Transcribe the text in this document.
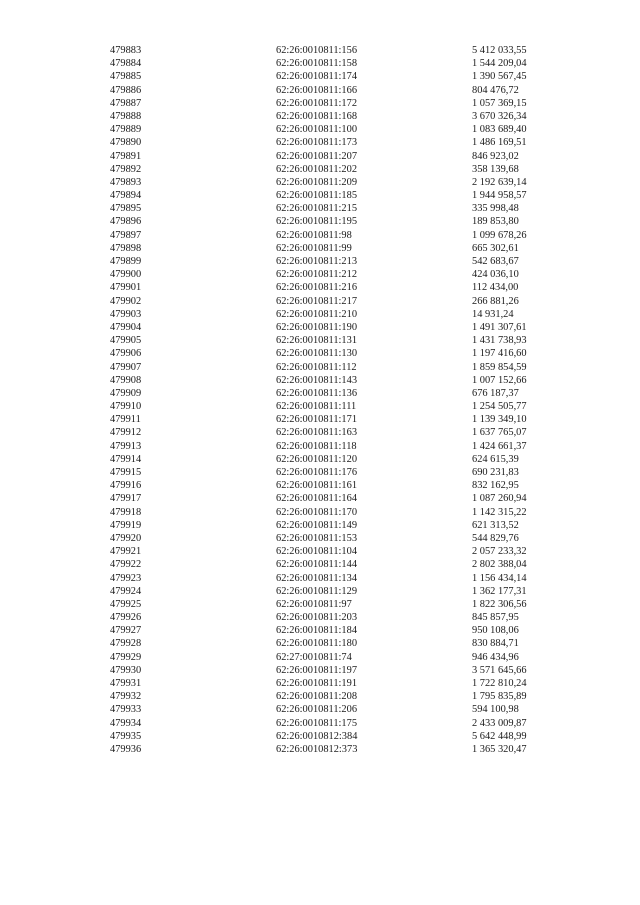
479883	62:26:0010811:156	5 412 033,55
479884	62:26:0010811:158	1 544 209,04
479885	62:26:0010811:174	1 390 567,45
479886	62:26:0010811:166	804 476,72
479887	62:26:0010811:172	1 057 369,15
479888	62:26:0010811:168	3 670 326,34
479889	62:26:0010811:100	1 083 689,40
479890	62:26:0010811:173	1 486 169,51
479891	62:26:0010811:207	846 923,02
479892	62:26:0010811:202	358 139,68
479893	62:26:0010811:209	2 192 639,14
479894	62:26:0010811:185	1 944 958,57
479895	62:26:0010811:215	335 998,48
479896	62:26:0010811:195	189 853,80
479897	62:26:0010811:98	1 099 678,26
479898	62:26:0010811:99	665 302,61
479899	62:26:0010811:213	542 683,67
479900	62:26:0010811:212	424 036,10
479901	62:26:0010811:216	112 434,00
479902	62:26:0010811:217	266 881,26
479903	62:26:0010811:210	14 931,24
479904	62:26:0010811:190	1 491 307,61
479905	62:26:0010811:131	1 431 738,93
479906	62:26:0010811:130	1 197 416,60
479907	62:26:0010811:112	1 859 854,59
479908	62:26:0010811:143	1 007 152,66
479909	62:26:0010811:136	676 187,37
479910	62:26:0010811:111	1 254 505,77
479911	62:26:0010811:171	1 139 349,10
479912	62:26:0010811:163	1 637 765,07
479913	62:26:0010811:118	1 424 661,37
479914	62:26:0010811:120	624 615,39
479915	62:26:0010811:176	690 231,83
479916	62:26:0010811:161	832 162,95
479917	62:26:0010811:164	1 087 260,94
479918	62:26:0010811:170	1 142 315,22
479919	62:26:0010811:149	621 313,52
479920	62:26:0010811:153	544 829,76
479921	62:26:0010811:104	2 057 233,32
479922	62:26:0010811:144	2 802 388,04
479923	62:26:0010811:134	1 156 434,14
479924	62:26:0010811:129	1 362 177,31
479925	62:26:0010811:97	1 822 306,56
479926	62:26:0010811:203	845 857,95
479927	62:26:0010811:184	950 108,06
479928	62:26:0010811:180	830 884,71
479929	62:27:0010811:74	946 434,96
479930	62:26:0010811:197	3 571 645,66
479931	62:26:0010811:191	1 722 810,24
479932	62:26:0010811:208	1 795 835,89
479933	62:26:0010811:206	594 100,98
479934	62:26:0010811:175	2 433 009,87
479935	62:26:0010812:384	5 642 448,99
479936	62:26:0010812:373	1 365 320,47
